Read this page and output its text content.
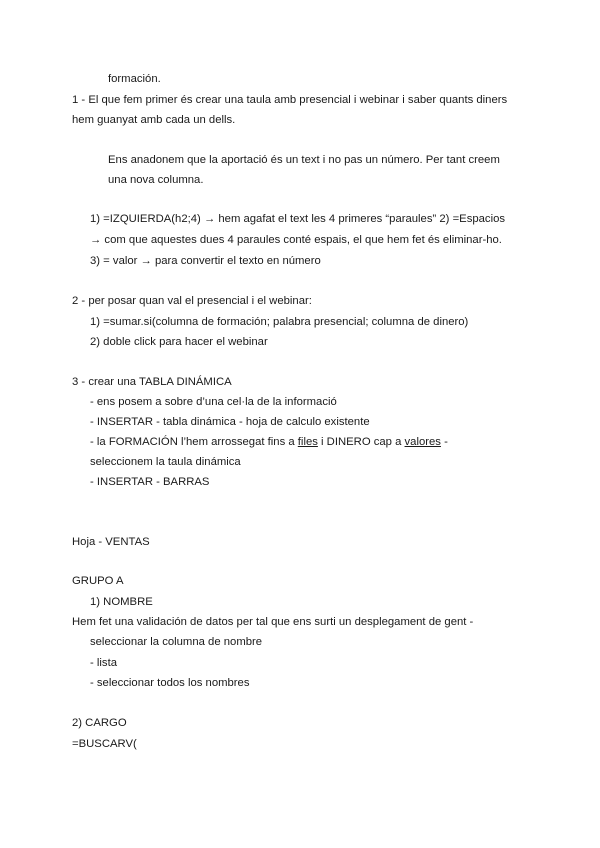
formación.
1 - El que fem primer és crear una taula amb presencial i webinar i saber quants diners
hem guanyat amb cada un dells.
Ens anadonem que la aportació és un text i no pas un número. Per tant creem
una nova columna.
1) =IZQUIERDA(h2;4) → hem agafat el text les 4 primeres “paraules” 2) =Espacios
→ com que aquestes dues 4 paraules conté espais, el que hem fet és eliminar-ho.
3) = valor → para convertir el texto en número
2 - per posar quan val el presencial i el webinar:
1) =sumar.si(columna de formación; palabra presencial; columna de dinero)
2) doble click para hacer el webinar
3 - crear una TABLA DINÁMICA
- ens posem a sobre d’una cel·la de la informació
- INSERTAR - tabla dinámica - hoja de calculo existente
- la FORMACIÓN l’hem arrossegat fins a files i DINERO cap a valores -
seleccionem la taula dinámica
- INSERTAR - BARRAS
Hoja - VENTAS
GRUPO A
1) NOMBRE
Hem fet una validación de datos per tal que ens surti un desplegament de gent -
seleccionar la columna de nombre
- lista
- seleccionar todos los nombres
2) CARGO
=BUSCARV(
